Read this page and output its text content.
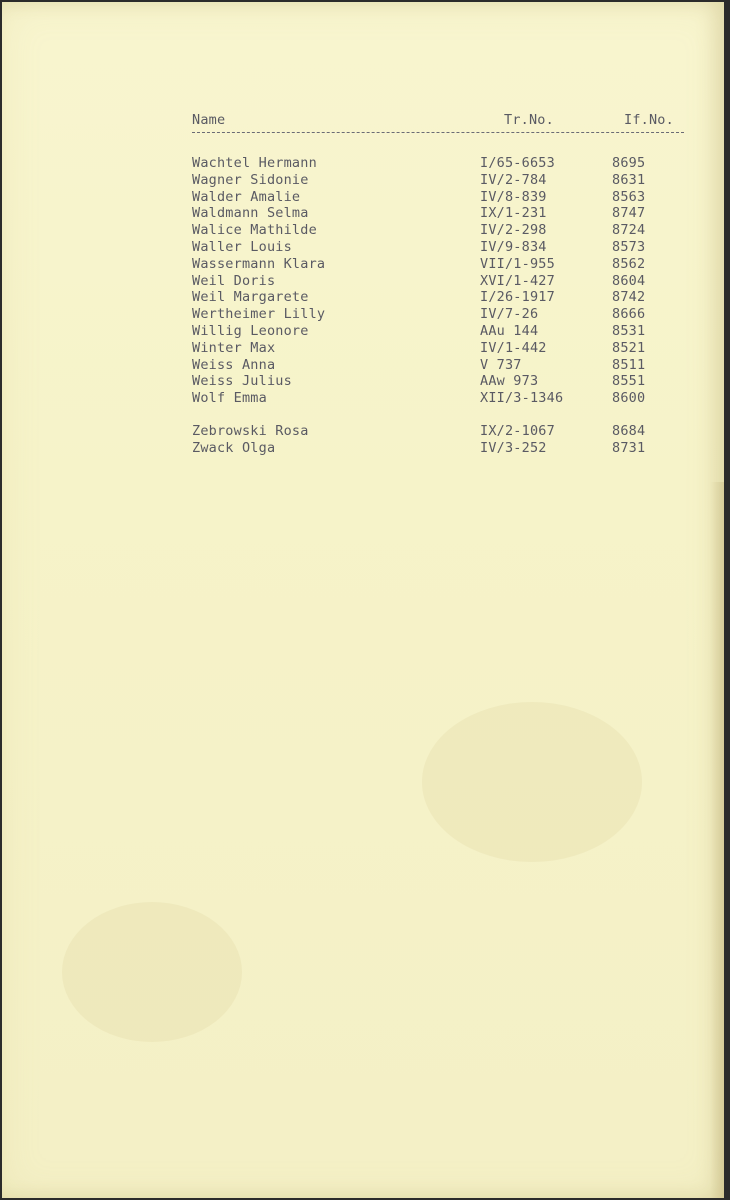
Name	Tr.No.	If.No.
Wachtel Hermann	I/65-6653	8695
Wagner Sidonie	IV/2-784	8631
Walder Amalie	IV/8-839	8563
Waldmann Selma	IX/1-231	8747
Walice Mathilde	IV/2-298	8724
Waller Louis	IV/9-834	8573
Wassermann Klara	VII/1-955	8562
Weil Doris	XVI/1-427	8604
Weil Margarete	I/26-1917	8742
Wertheimer Lilly	IV/7-26	8666
Willig Leonore	AAu 144	8531
Winter Max	IV/1-442	8521
Weiss Anna	V 737	8511
Weiss Julius	AAw 973	8551
Wolf Emma	XII/3-1346	8600
Zebrowski Rosa	IX/2-1067	8684
Zwack Olga	IV/3-252	8731
